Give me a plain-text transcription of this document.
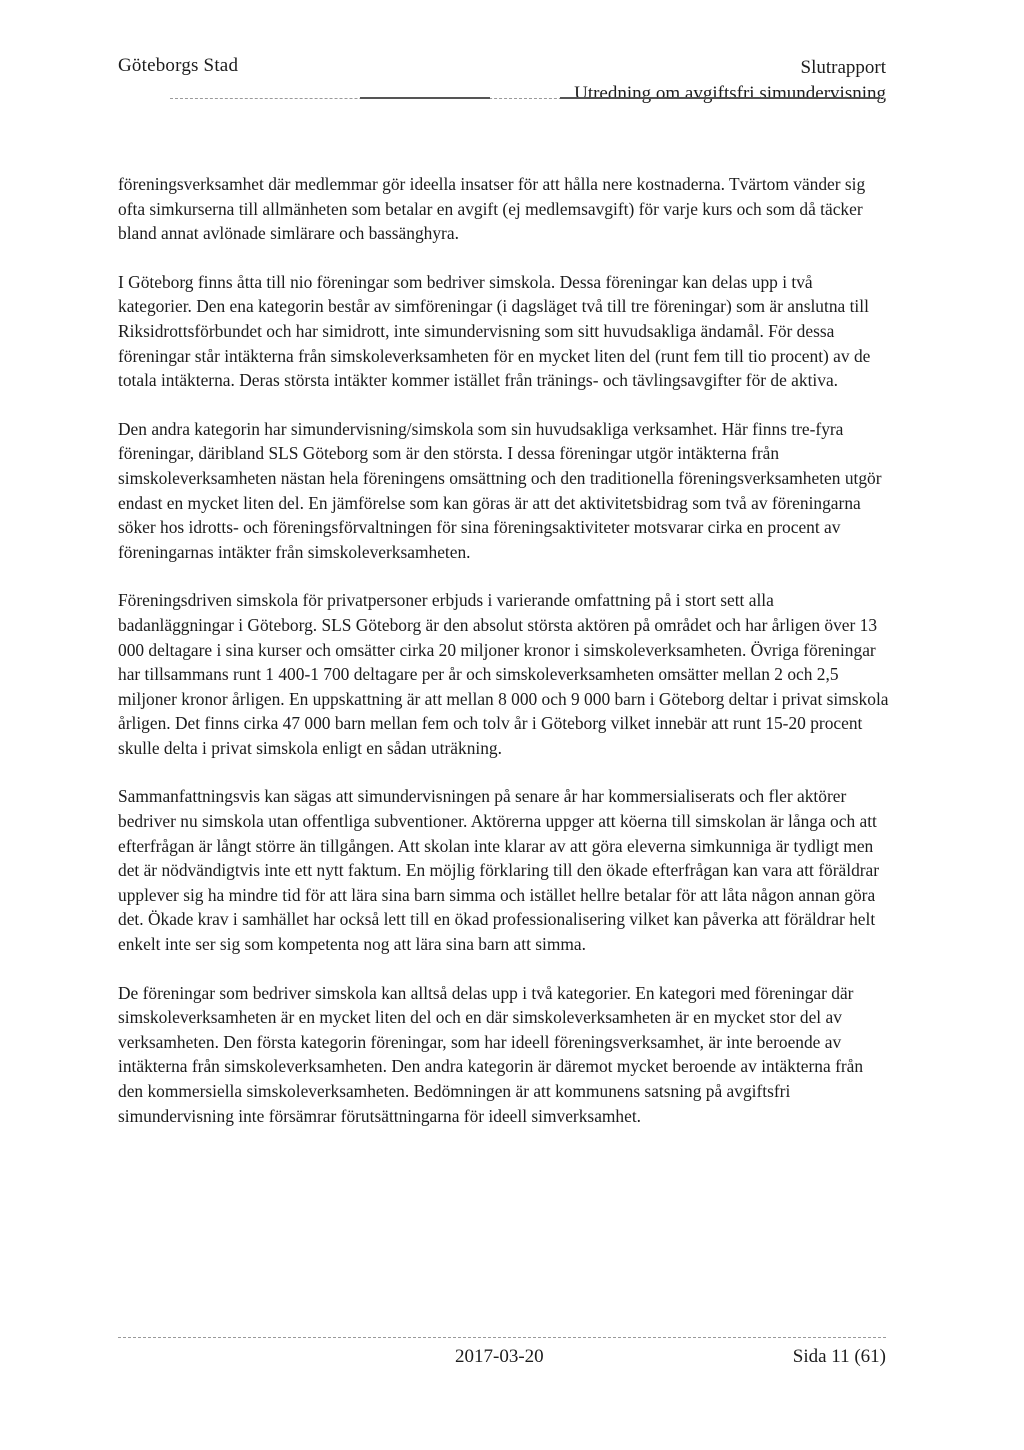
Göteborgs Stad	Slutrapport
Utredning om avgiftsfri simundervisning

föreningsverksamhet där medlemmar gör ideella insatser för att hålla nere kostnaderna. Tvärtom vänder sig ofta simkurserna till allmänheten som betalar en avgift (ej medlemsavgift) för varje kurs och som då täcker bland annat avlönade simlärare och bassänghyra.

I Göteborg finns åtta till nio föreningar som bedriver simskola. Dessa föreningar kan delas upp i två kategorier. Den ena kategorin består av simföreningar (i dagsläget två till tre föreningar) som är anslutna till Riksidrottsförbundet och har simidrott, inte simundervisning som sitt huvudsakliga ändamål. För dessa föreningar står intäkterna från simskoleverksamheten för en mycket liten del (runt fem till tio procent) av de totala intäkterna. Deras största intäkter kommer istället från tränings- och tävlingsavgifter för de aktiva.

Den andra kategorin har simundervisning/simskola som sin huvudsakliga verksamhet. Här finns tre-fyra föreningar, däribland SLS Göteborg som är den största. I dessa föreningar utgör intäkterna från simskoleverksamheten nästan hela föreningens omsättning och den traditionella föreningsverksamheten utgör endast en mycket liten del. En jämförelse som kan göras är att det aktivitetsbidrag som två av föreningarna söker hos idrotts- och föreningsförvaltningen för sina föreningsaktiviteter motsvarar cirka en procent av föreningarnas intäkter från simskoleverksamheten.

Föreningsdriven simskola för privatpersoner erbjuds i varierande omfattning på i stort sett alla badanläggningar i Göteborg. SLS Göteborg är den absolut största aktören på området och har årligen över 13 000 deltagare i sina kurser och omsätter cirka 20 miljoner kronor i simskoleverksamheten. Övriga föreningar har tillsammans runt 1 400-1 700 deltagare per år och simskoleverksamheten omsätter mellan 2 och 2,5 miljoner kronor årligen. En uppskattning är att mellan 8 000 och 9 000 barn i Göteborg deltar i privat simskola årligen. Det finns cirka 47 000 barn mellan fem och tolv år i Göteborg vilket innebär att runt 15-20 procent skulle delta i privat simskola enligt en sådan uträkning.

Sammanfattningsvis kan sägas att simundervisningen på senare år har kommersialiserats och fler aktörer bedriver nu simskola utan offentliga subventioner. Aktörerna uppger att köerna till simskolan är långa och att efterfrågan är långt större än tillgången. Att skolan inte klarar av att göra eleverna simkunniga är tydligt men det är nödvändigtvis inte ett nytt faktum. En möjlig förklaring till den ökade efterfrågan kan vara att föräldrar upplever sig ha mindre tid för att lära sina barn simma och istället hellre betalar för att låta någon annan göra det. Ökade krav i samhället har också lett till en ökad professionalisering vilket kan påverka att föräldrar helt enkelt inte ser sig som kompetenta nog att lära sina barn att simma.

De föreningar som bedriver simskola kan alltså delas upp i två kategorier. En kategori med föreningar där simskoleverksamheten är en mycket liten del och en där simskoleverksamheten är en mycket stor del av verksamheten. Den första kategorin föreningar, som har ideell föreningsverksamhet, är inte beroende av intäkterna från simskoleverksamheten. Den andra kategorin är däremot mycket beroende av intäkterna från den kommersiella simskoleverksamheten. Bedömningen är att kommunens satsning på avgiftsfri simundervisning inte försämrar förutsättningarna för ideell simverksamhet.

2017-03-20	Sida 11 (61)
